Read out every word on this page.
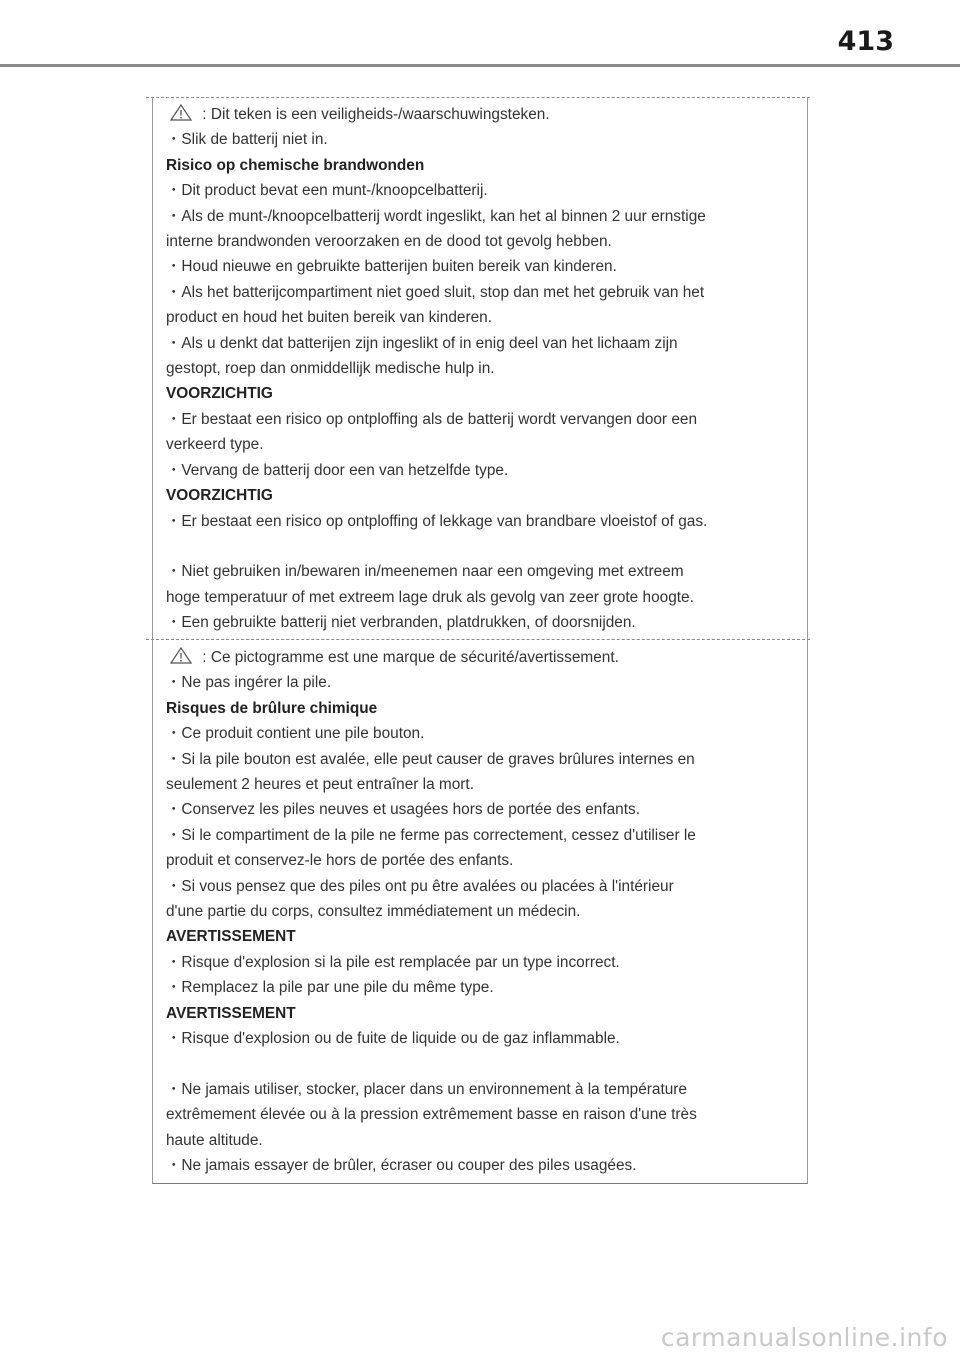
413
: Dit teken is een veiligheids-/waarschuwingsteken.
・Slik de batterij niet in.
Risico op chemische brandwonden
・Dit product bevat een munt-/knoopcelbatterij.
・Als de munt-/knoopcelbatterij wordt ingeslikt, kan het al binnen 2 uur ernstige
interne brandwonden veroorzaken en de dood tot gevolg hebben.
・Houd nieuwe en gebruikte batterijen buiten bereik van kinderen.
・Als het batterijcompartiment niet goed sluit, stop dan met het gebruik van het
product en houd het buiten bereik van kinderen.
・Als u denkt dat batterijen zijn ingeslikt of in enig deel van het lichaam zijn
gestopt, roep dan onmiddellijk medische hulp in.
VOORZICHTIG
・Er bestaat een risico op ontploffing als de batterij wordt vervangen door een
verkeerd type.
・Vervang de batterij door een van hetzelfde type.
VOORZICHTIG
・Er bestaat een risico op ontploffing of lekkage van brandbare vloeistof of gas.
・Niet gebruiken in/bewaren in/meenemen naar een omgeving met extreem
hoge temperatuur of met extreem lage druk als gevolg van zeer grote hoogte.
・Een gebruikte batterij niet verbranden, platdrukken, of doorsnijden.
: Ce pictogramme est une marque de sécurité/avertissement.
・Ne pas ingérer la pile.
Risques de brûlure chimique
・Ce produit contient une pile bouton.
・Si la pile bouton est avalée, elle peut causer de graves brûlures internes en
seulement 2 heures et peut entraîner la mort.
・Conservez les piles neuves et usagées hors de portée des enfants.
・Si le compartiment de la pile ne ferme pas correctement, cessez d'utiliser le
produit et conservez-le hors de portée des enfants.
・Si vous pensez que des piles ont pu être avalées ou placées à l'intérieur
d'une partie du corps, consultez immédiatement un médecin.
AVERTISSEMENT
・Risque d'explosion si la pile est remplacée par un type incorrect.
・Remplacez la pile par une pile du même type.
AVERTISSEMENT
・Risque d'explosion ou de fuite de liquide ou de gaz inflammable.
・Ne jamais utiliser, stocker, placer dans un environnement à la température
extrêmement élevée ou à la pression extrêmement basse en raison d'une très
haute altitude.
・Ne jamais essayer de brûler, écraser ou couper des piles usagées.
carmanualsonline.info
